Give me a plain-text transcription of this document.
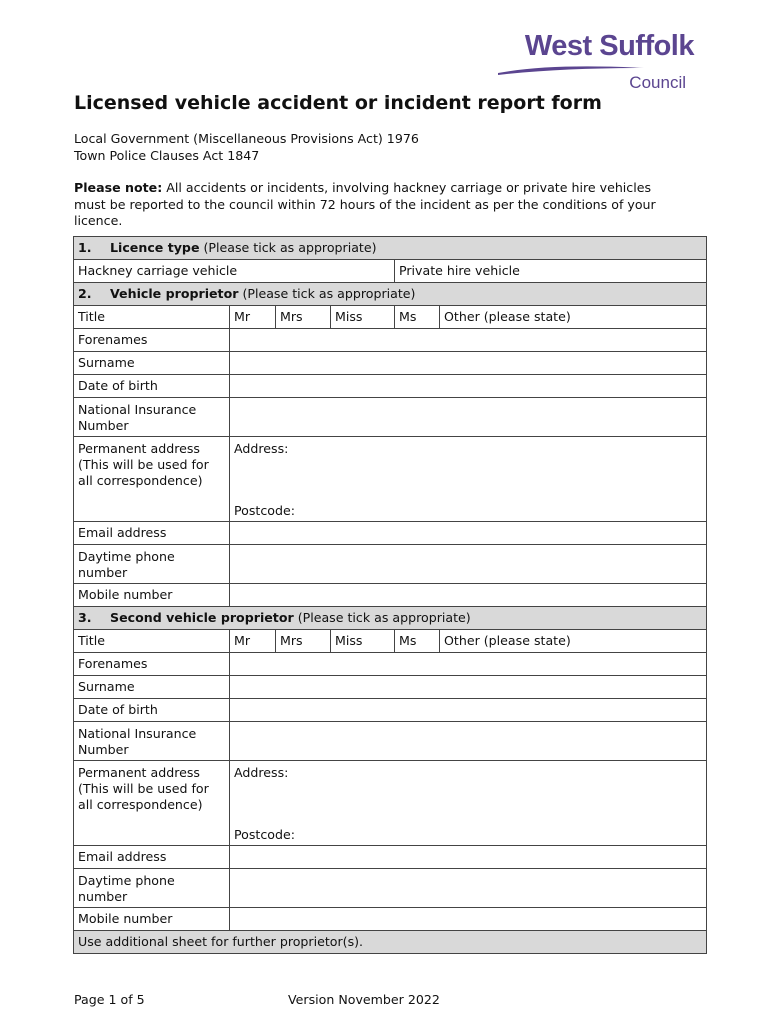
West Suffolk
Council
Licensed vehicle accident or incident report form
Local Government (Miscellaneous Provisions Act) 1976
Town Police Clauses Act 1847
Please note: All accidents or incidents, involving hackney carriage or private hire vehicles must be reported to the council within 72 hours of the incident as per the conditions of your licence.
1. Licence type (Please tick as appropriate)					
Hackney carriage vehicle				Private hire vehicle	
2. Vehicle proprietor (Please tick as appropriate)					
Title	Mr	Mrs	Miss	Ms	Other (please state)
Forenames					
Surname					
Date of birth					
National Insurance Number					
Permanent address (This will be used for all correspondence)	Address:
Postcode:				

Email address					
Daytime phone number					
Mobile number					
3. Second vehicle proprietor (Please tick as appropriate)					
Title	Mr	Mrs	Miss	Ms	Other (please state)
Forenames					
Surname					
Date of birth					
National Insurance Number					
Permanent address (This will be used for all correspondence)	Address:
Postcode:				

Email address					
Daytime phone number					
Mobile number					
Use additional sheet for further proprietor(s).					
Page 1 of 5	Version November 2022
